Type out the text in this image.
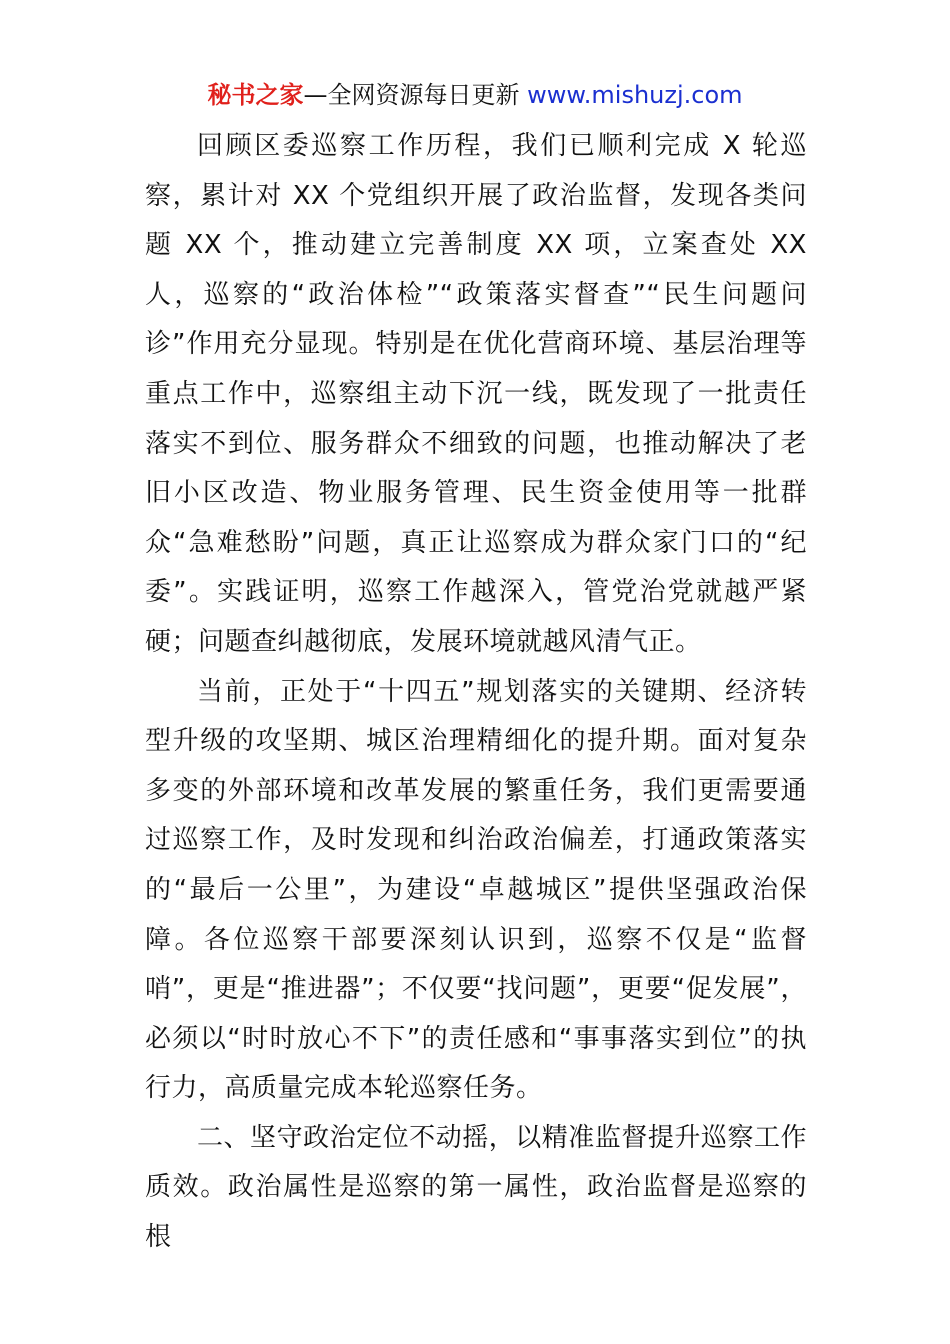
秘书之家—全网资源每日更新 www.mishuzj.com

回顾区委巡察工作历程，我们已顺利完成 X 轮巡察，累计对 XX 个党组织开展了政治监督，发现各类问题 XX 个，推动建立完善制度 XX 项，立案查处 XX 人，巡察的“政治体检”“政策落实督查”“民生问题问诊”作用充分显现。特别是在优化营商环境、基层治理等重点工作中，巡察组主动下沉一线，既发现了一批责任落实不到位、服务群众不细致的问题，也推动解决了老旧小区改造、物业服务管理、民生资金使用等一批群众“急难愁盼”问题，真正让巡察成为群众家门口的“纪委”。实践证明，巡察工作越深入，管党治党就越严紧硬；问题查纠越彻底，发展环境就越风清气正。

当前，正处于“十四五”规划落实的关键期、经济转型升级的攻坚期、城区治理精细化的提升期。面对复杂多变的外部环境和改革发展的繁重任务，我们更需要通过巡察工作，及时发现和纠治政治偏差，打通政策落实的“最后一公里”，为建设“卓越城区”提供坚强政治保障。各位巡察干部要深刻认识到，巡察不仅是“监督哨”，更是“推进器”；不仅要“找问题”，更要“促发展”，必须以“时时放心不下”的责任感和“事事落实到位”的执行力，高质量完成本轮巡察任务。

二、坚守政治定位不动摇，以精准监督提升巡察工作质效。政治属性是巡察的第一属性，政治监督是巡察的根
